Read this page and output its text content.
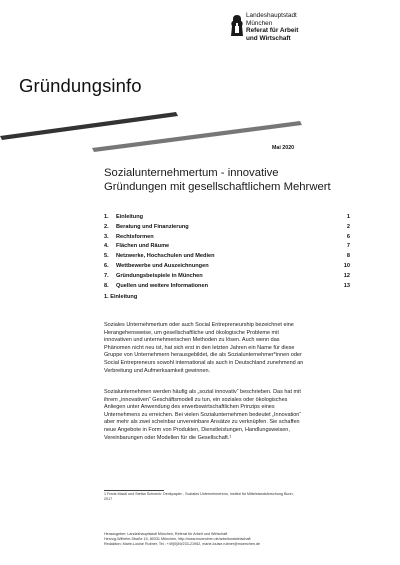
Landeshauptstadt
München
Referat für Arbeit
und Wirtschaft
Gründungsinfo
Mai 2020
Sozialunternehmertum - innovative
Gründungen mit gesellschaftlichem Mehrwert
1.	Einleitung	1
2.	Beratung und Finanzierung	2
3.	Rechtsformen	6
4.	Flächen und Räume	7
5.	Netzwerke, Hochschulen und Medien	8
6.	Wettbewerbe und Auszeichnungen	10
7.	Gründungsbeispiele in München	12
8.	Quellen und weitere Informationen	13
1. Einleitung
Soziales Unternehmertum oder auch Social Entrepreneurship bezeichnet eine
Herangehensweise, um gesellschaftliche und ökologische Probleme mit
innovativen und unternehmerischen Methoden zu lösen. Auch wenn das
Phänomen nicht neu ist, hat sich erst in den letzten Jahren ein Name für diese
Gruppe von Unternehmern herausgebildet, die als Sozialunternehmer*innen oder
Social Entrepreneurs sowohl international als auch in Deutschland zunehmend an
Verbreitung und Aufmerksamkeit gewinnen.
Sozialunternehmen werden häufig als „sozial innovativ“ beschrieben. Das hat mit
ihrem „innovativen“ Geschäftsmodell zu tun, ein soziales oder ökologisches
Anliegen unter Anwendung des erwerbswirtschaftlichen Prinzips eines
Unternehmens zu erreichen. Bei vielen Sozialunternehmen bedeutet „Innovation“
aber mehr als zwei scheinbar unvereinbare Ansätze zu verknüpfen. Sie schaffen
neue Angebote in Form von Produkten, Dienstleistungen, Handlungsweisen,
Vereinbarungen oder Modellen für die Gesellschaft.¹
1 Frank Maaß und Stefan Schneck: Denkpapier - Soziales Unternehmertum, Institut für Mittelstandsforschung Bonn,
2017
Herausgeber: Landeshauptstadt München, Referat für Arbeit und Wirtschaft
Herzog-Wilhelm-Straße 15, 80331 München, http://www.muenchen.de/arbeitundwirtschaft
Redaktion: Marie-Louise Rubner, Tel.: +49(0)89/233-21952, marie-louise.rubner@muenchen.de
